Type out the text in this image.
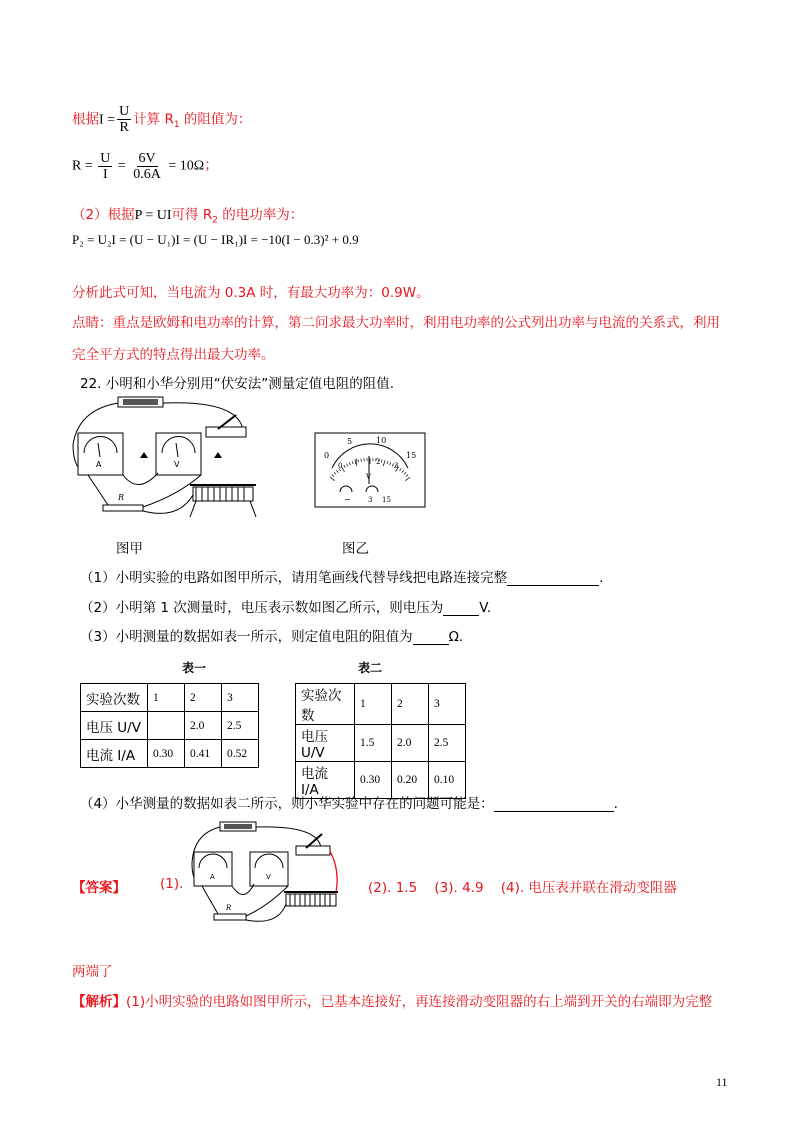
根据$I = \frac{U}{R}$ 计算 $R_1$ 的阻值为：
$R = \frac{U}{I} = \frac{6V}{0.6A} = 10\Omega$；
（2）根据P = UI可得 $R_2$ 的电功率为：
P₂ = U₂I = (U − U₁)I = (U − IR₁)I = −10(I − 0.3)² + 0.9
分析此式可知，当电流为 0.3A 时，有最大功率为：0.9W。
点睛：重点是欧姆和电功率的计算，第二问求最大功率时，利用电功率的公式列出功率与电流的关系式，利用
完全平方式的特点得出最大功率。
22. 小明和小华分别用“伏安法”测量定值电阻的阻值.
A	V
R
0
5	10
15
0 1	2 3
V
− 3 15
图甲	图乙
（1）小明实验的电路如图甲所示，请用笔画线代替导线把电路连接完整	.
（2）小明第 1 次测量时，电压表示数如图乙所示，则电压为	V.
（3）小明测量的数据如表一所示，则定值电阻的阻值为	Ω.
表一	表二
实验次数	1	2	3
电压 U/V		2.0	2.5
电流 I/A	0.30	0.41	0.52
实验次数	1	2	3
电压 U/V	1.5	2.0	2.5
电流 I/A	0.30	0.20	0.10
（4）小华测量的数据如表二所示，则小华实验中存在的问题可能是：	.
A	V
R
【答案】	(1).	(2). 1.5 (3). 4.9 (4). 电压表并联在滑动变阻器
两端了
【解析】(1)小明实验的电路如图甲所示，已基本连接好，再连接滑动变阻器的右上端到开关的右端即为完整
11
